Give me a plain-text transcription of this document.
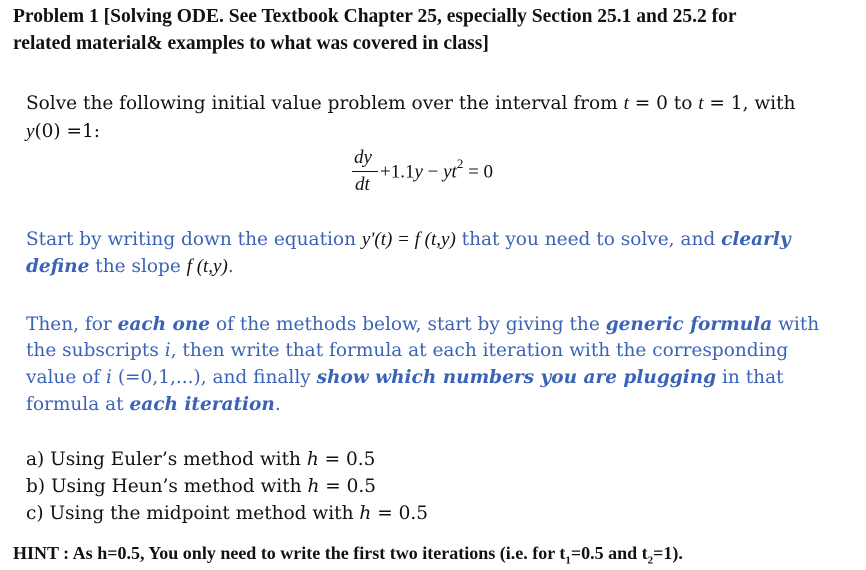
Problem 1 [Solving ODE. See Textbook Chapter 25, especially Section 25.1 and 25.2 for
related material& examples to what was covered in class]
Solve the following initial value problem over the interval from t = 0 to t = 1, with
y(0) =1:
dy
dt
$+1.1y - yt^2 = 0$
Start by writing down the equation y'(t) = f (t,y) that you need to solve, and clearly
define the slope f (t,y).
Then, for each one of the methods below, start by giving the generic formula with
the subscripts i, then write that formula at each iteration with the corresponding
value of i (=0,1,...), and finally show which numbers you are plugging in that
formula at each iteration.
a) Using Euler’s method with h = 0.5
b) Using Heun’s method with h = 0.5
c) Using the midpoint method with h = 0.5
HINT : As h=0.5, You only need to write the first two iterations (i.e. for $t_1=0.5$ and $t_2=1$).
